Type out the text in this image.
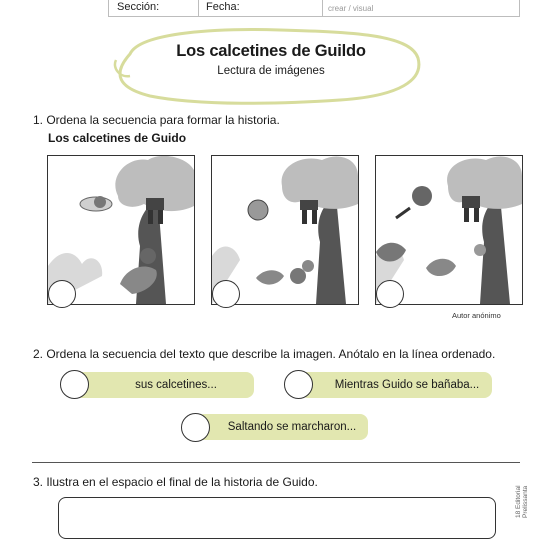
Sección:	Fecha:	crear / visual
Los calcetines de Guildo
Lectura de imágenes
1. Ordena la secuencia para formar la historia.
Los calcetines de Guido
Autor anónimo
2. Ordena la secuencia del texto que describe la imagen. Anótalo en la línea ordenado.
sus calcetines...	Mientras Guido se bañaba...
Saltando se marcharon...
3. Ilustra en el espacio el final de la historia de Guido.
18 Editorial Prelissanta
